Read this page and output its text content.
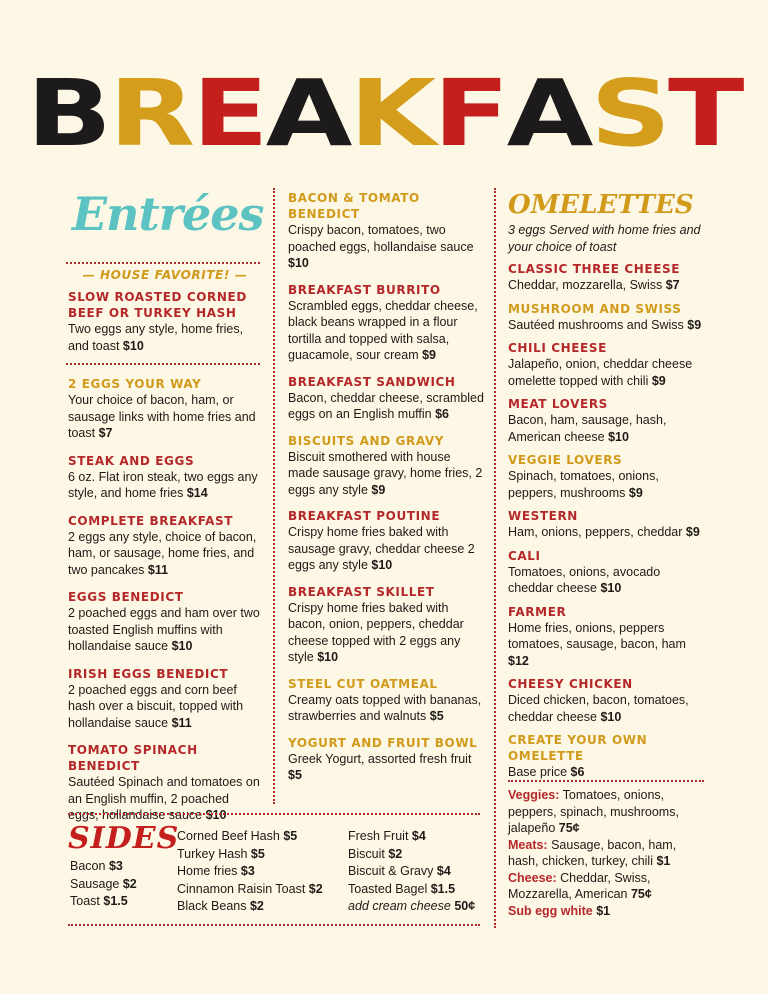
BREAKFAST
Entrées
— HOUSE FAVORITE! —
SLOW ROASTED CORNED BEEF OR TURKEY HASH
Two eggs any style, home fries, and toast $10
2 EGGS YOUR WAY
Your choice of bacon, ham, or sausage links with home fries and toast $7
STEAK AND EGGS
6 oz. Flat iron steak, two eggs any style, and home fries $14
COMPLETE BREAKFAST
2 eggs any style, choice of bacon, ham, or sausage, home fries, and two pancakes $11
EGGS BENEDICT
2 poached eggs and ham over two toasted English muffins with hollandaise sauce $10
IRISH EGGS BENEDICT
2 poached eggs and corn beef hash over a biscuit, topped with hollandaise sauce $11
TOMATO SPINACH BENEDICT
Sautéed Spinach and tomatoes on an English muffin, 2 poached eggs, hollandaise sauce $10
BACON & TOMATO BENEDICT
Crispy bacon, tomatoes, two poached eggs, hollandaise sauce $10
BREAKFAST BURRITO
Scrambled eggs, cheddar cheese, black beans wrapped in a flour tortilla and topped with salsa, guacamole, sour cream $9
BREAKFAST SANDWICH
Bacon, cheddar cheese, scrambled eggs on an English muffin $6
BISCUITS AND GRAVY
Biscuit smothered with house made sausage gravy, home fries, 2 eggs any style $9
BREAKFAST POUTINE
Crispy home fries baked with sausage gravy, cheddar cheese 2 eggs any style $10
BREAKFAST SKILLET
Crispy home fries baked with bacon, onion, peppers, cheddar cheese topped with 2 eggs any style $10
STEEL CUT OATMEAL
Creamy oats topped with bananas, strawberries and walnuts $5
YOGURT AND FRUIT BOWL
Greek Yogurt, assorted fresh fruit $5
OMELETTES
3 eggs Served with home fries and your choice of toast
CLASSIC THREE CHEESE
Cheddar, mozzarella, Swiss $7
MUSHROOM AND SWISS
Sautéed mushrooms and Swiss $9
CHILI CHEESE
Jalapeño, onion, cheddar cheese omelette topped with chili $9
MEAT LOVERS
Bacon, ham, sausage, hash, American cheese $10
VEGGIE LOVERS
Spinach, tomatoes, onions, peppers, mushrooms $9
WESTERN
Ham, onions, peppers, cheddar $9
CALI
Tomatoes, onions, avocado cheddar cheese $10
FARMER
Home fries, onions, peppers tomatoes, sausage, bacon, ham $12
CHEESY CHICKEN
Diced chicken, bacon, tomatoes, cheddar cheese $10
CREATE YOUR OWN OMELETTE
Base price $6
Veggies: Tomatoes, onions, peppers, spinach, mushrooms, jalapeño 75¢
Meats: Sausage, bacon, ham, hash, chicken, turkey, chili $1
Cheese: Cheddar, Swiss, Mozzarella, American 75¢
Sub egg white $1
SIDES
Bacon $3
Sausage $2
Toast $1.5
Corned Beef Hash $5
Turkey Hash $5
Home fries $3
Cinnamon Raisin Toast $2
Black Beans $2
Fresh Fruit $4
Biscuit $2
Biscuit & Gravy $4
Toasted Bagel $1.5
add cream cheese 50¢
